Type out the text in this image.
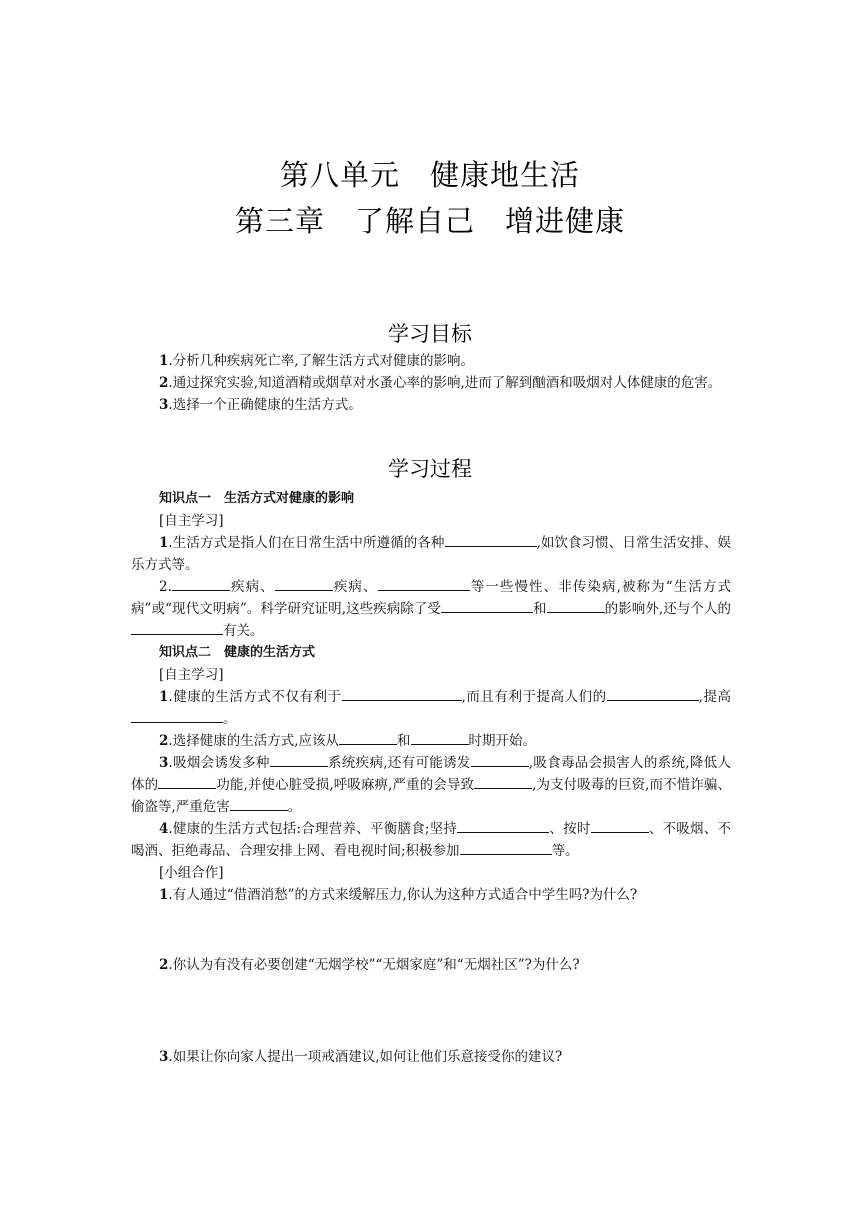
第八单元　健康地生活
第三章　了解自己　增进健康
学习目标

1.分析几种疾病死亡率,了解生活方式对健康的影响。

2.通过探究实验,知道酒精或烟草对水蚤心率的影响,进而了解到酗酒和吸烟对人体健康的危害。

3.选择一个正确健康的生活方式。

学习过程

知识点一　生活方式对健康的影响

[自主学习]

1.生活方式是指人们在日常生活中所遵循的各种	,如饮食习惯、日常生活安排、娱乐方式等。

2.	疾病、	疾病、	等一些慢性、非传染病,被称为“生活方式病”或“现代文明病”。科学研究证明,这些疾病除了受	和	的影响外,还与个人的有关。

知识点二　健康的生活方式

[自主学习]

1.健康的生活方式不仅有利于	,而且有利于提高人们的	,提高。

2.选择健康的生活方式,应该从	和	时期开始。

3.吸烟会诱发多种	系统疾病,还有可能诱发	,吸食毒品会损害人的系统,降低人体的	功能,并使心脏受损,呼吸麻痹,严重的会导致	,为支付吸毒的巨资,而不惜诈骗、偷盗等,严重危害	。

4.健康的生活方式包括:合理营养、平衡膳食;坚持	、按时	、不吸烟、不喝酒、拒绝毒品、合理安排上网、看电视时间;积极参加	等。

[小组合作]

1.有人通过“借酒消愁”的方式来缓解压力,你认为这种方式适合中学生吗?为什么?

2.你认为有没有必要创建“无烟学校”“无烟家庭”和“无烟社区”?为什么?

3.如果让你向家人提出一项戒酒建议,如何让他们乐意接受你的建议?
